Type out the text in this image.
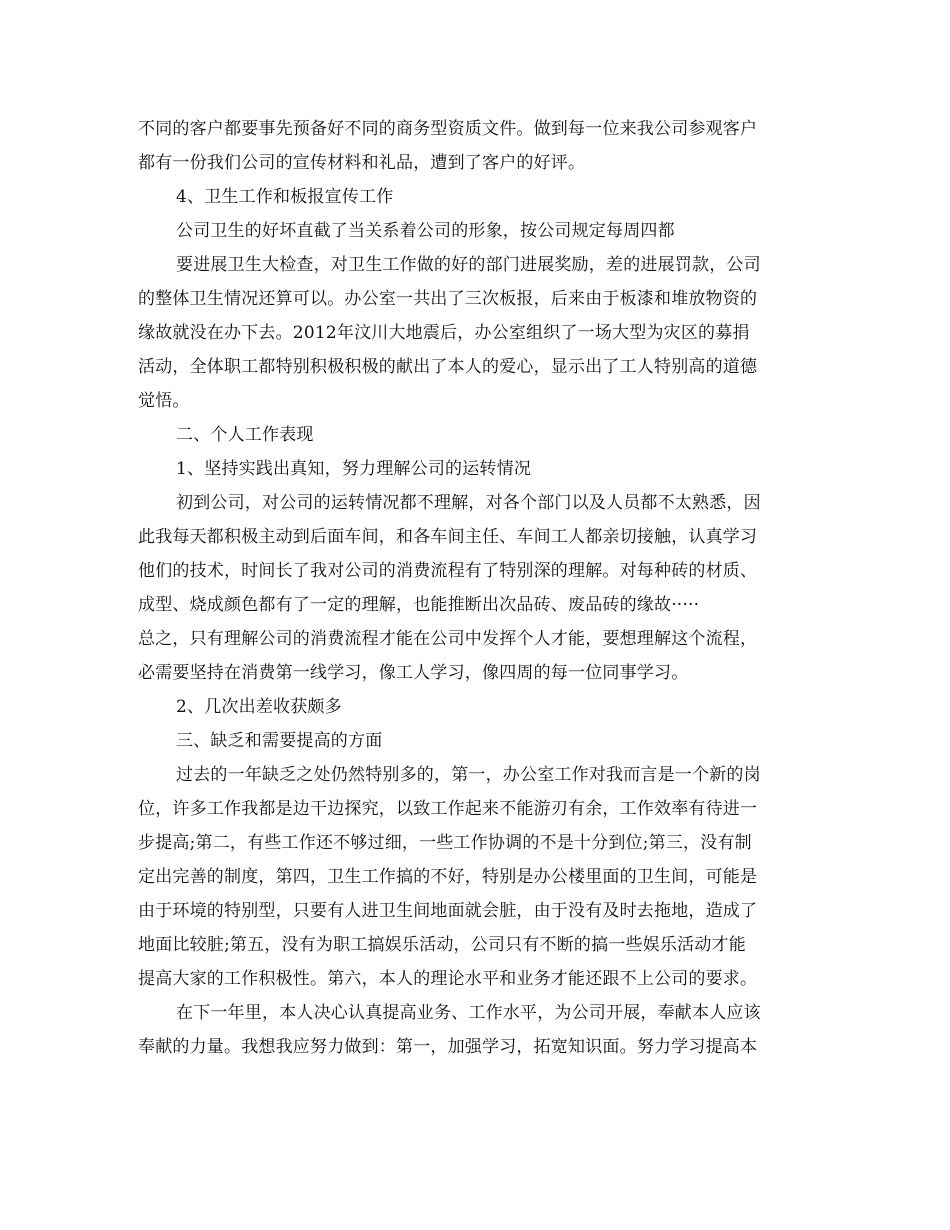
不同的客户都要事先预备好不同的商务型资质文件。做到每一位来我公司参观客户
都有一份我们公司的宣传材料和礼品，遭到了客户的好评。
4、卫生工作和板报宣传工作
公司卫生的好坏直截了当关系着公司的形象，按公司规定每周四都
要进展卫生大检查，对卫生工作做的好的部门进展奖励，差的进展罚款，公司
的整体卫生情况还算可以。办公室一共出了三次板报，后来由于板漆和堆放物资的
缘故就没在办下去。2012年汶川大地震后，办公室组织了一场大型为灾区的募捐
活动，全体职工都特别积极积极的献出了本人的爱心，显示出了工人特别高的道德
觉悟。
二、个人工作表现
1、坚持实践出真知，努力理解公司的运转情况
初到公司，对公司的运转情况都不理解，对各个部门以及人员都不太熟悉，因
此我每天都积极主动到后面车间，和各车间主任、车间工人都亲切接触，认真学习
他们的技术，时间长了我对公司的消费流程有了特别深的理解。对每种砖的材质、
成型、烧成颜色都有了一定的理解，也能推断出次品砖、废品砖的缘故·····
总之，只有理解公司的消费流程才能在公司中发挥个人才能，要想理解这个流程，
必需要坚持在消费第一线学习，像工人学习，像四周的每一位同事学习。
2、几次出差收获颇多
三、缺乏和需要提高的方面
过去的一年缺乏之处仍然特别多的，第一，办公室工作对我而言是一个新的岗
位，许多工作我都是边干边探究，以致工作起来不能游刃有余，工作效率有待进一
步提高;第二，有些工作还不够过细，一些工作协调的不是十分到位;第三，没有制
定出完善的制度，第四，卫生工作搞的不好，特别是办公楼里面的卫生间，可能是
由于环境的特别型，只要有人进卫生间地面就会脏，由于没有及时去拖地，造成了
地面比较脏;第五，没有为职工搞娱乐活动，公司只有不断的搞一些娱乐活动才能
提高大家的工作积极性。第六，本人的理论水平和业务才能还跟不上公司的要求。
在下一年里，本人决心认真提高业务、工作水平，为公司开展，奉献本人应该
奉献的力量。我想我应努力做到：第一，加强学习，拓宽知识面。努力学习提高本
